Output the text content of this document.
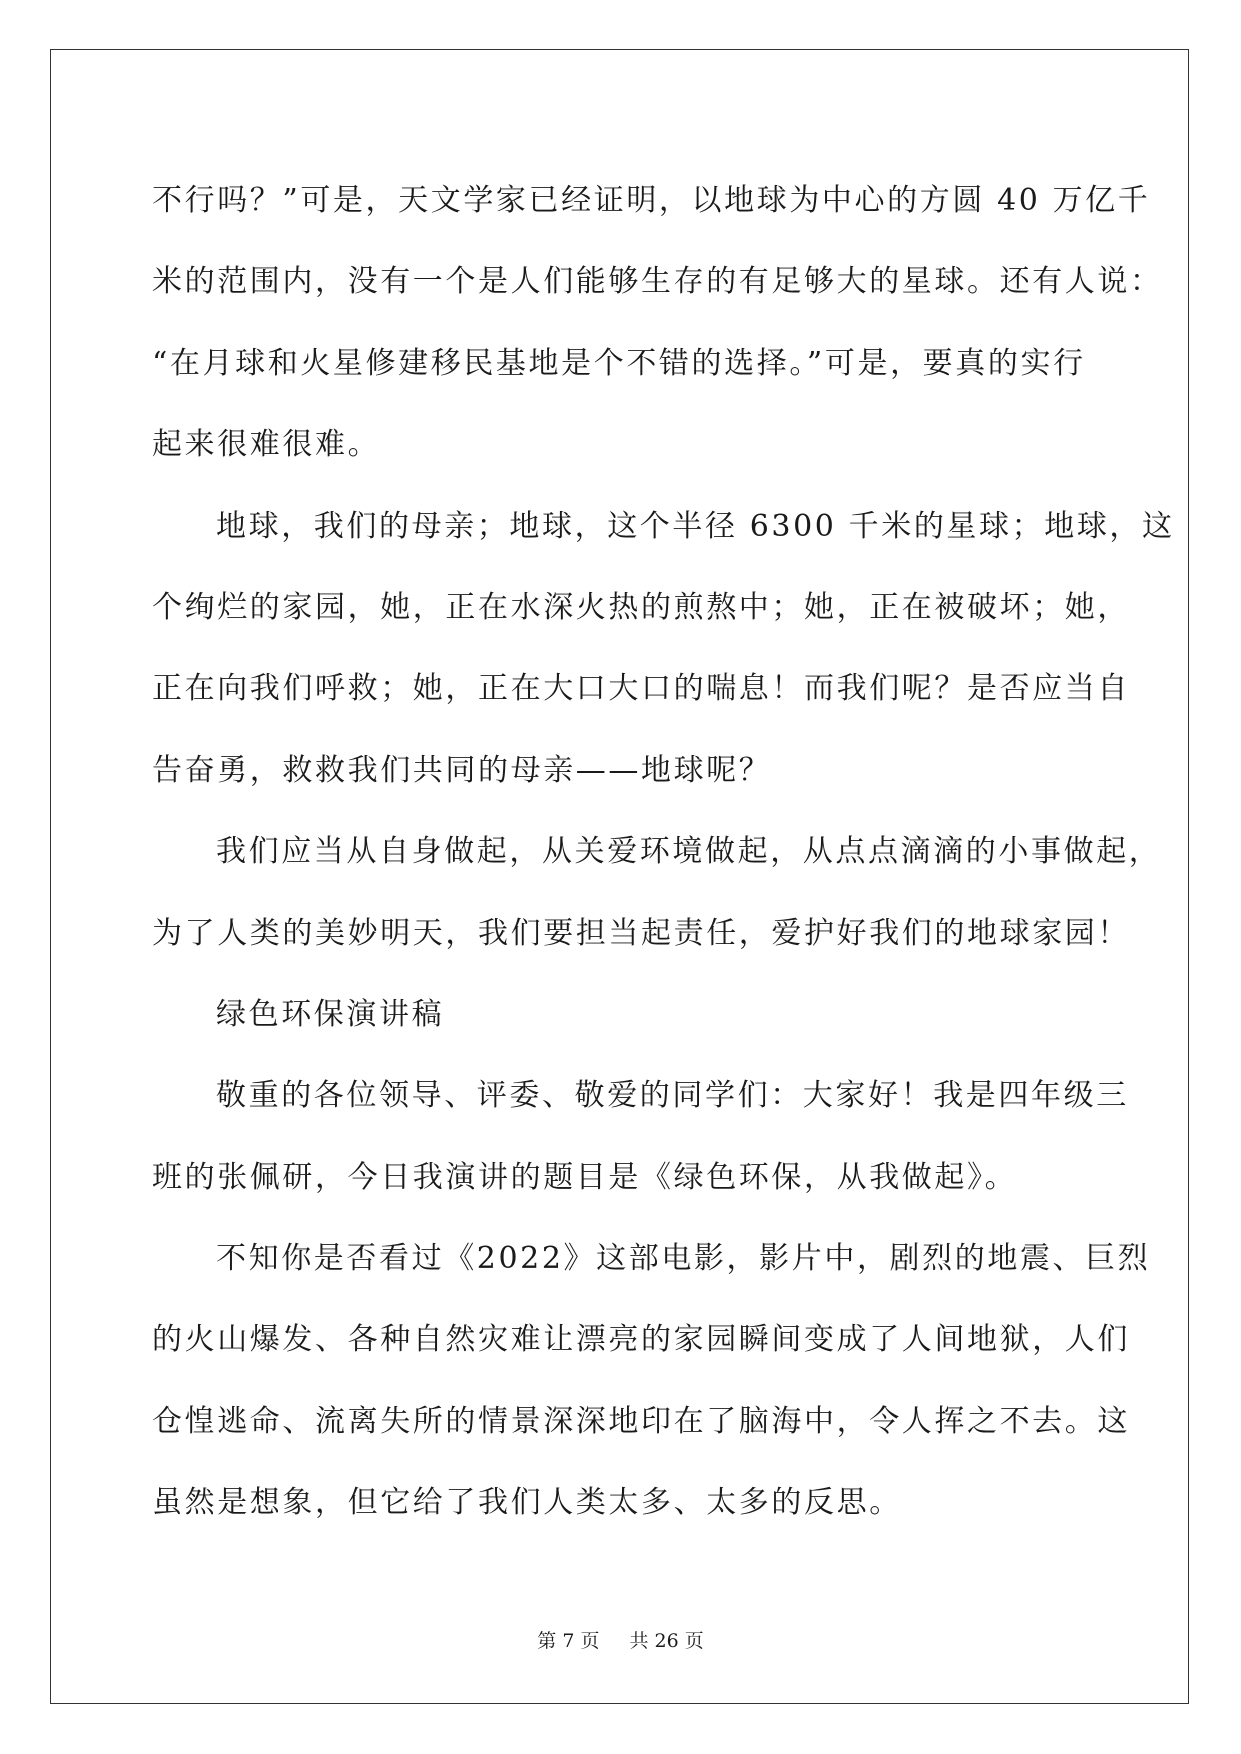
不行吗？”可是，天文学家已经证明，以地球为中心的方圆 40 万亿千
米的范围内，没有一个是人们能够生存的有足够大的星球。还有人说：
“在月球和火星修建移民基地是个不错的选择。”可是，要真的实行
起来很难很难。

地球，我们的母亲；地球，这个半径 6300 千米的星球；地球，这
个绚烂的家园，她，正在水深火热的煎熬中；她，正在被破坏；她，
正在向我们呼救；她，正在大口大口的喘息！而我们呢？是否应当自
告奋勇，救救我们共同的母亲——地球呢？

我们应当从自身做起，从关爱环境做起，从点点滴滴的小事做起，
为了人类的美妙明天，我们要担当起责任，爱护好我们的地球家园！

绿色环保演讲稿

敬重的各位领导、评委、敬爱的同学们：大家好！我是四年级三
班的张佩研，今日我演讲的题目是《绿色环保，从我做起》。

不知你是否看过《2022》这部电影，影片中，剧烈的地震、巨烈
的火山爆发、各种自然灾难让漂亮的家园瞬间变成了人间地狱，人们
仓惶逃命、流离失所的情景深深地印在了脑海中，令人挥之不去。这
虽然是想象，但它给了我们人类太多、太多的反思。

第 7 页 共 26 页
